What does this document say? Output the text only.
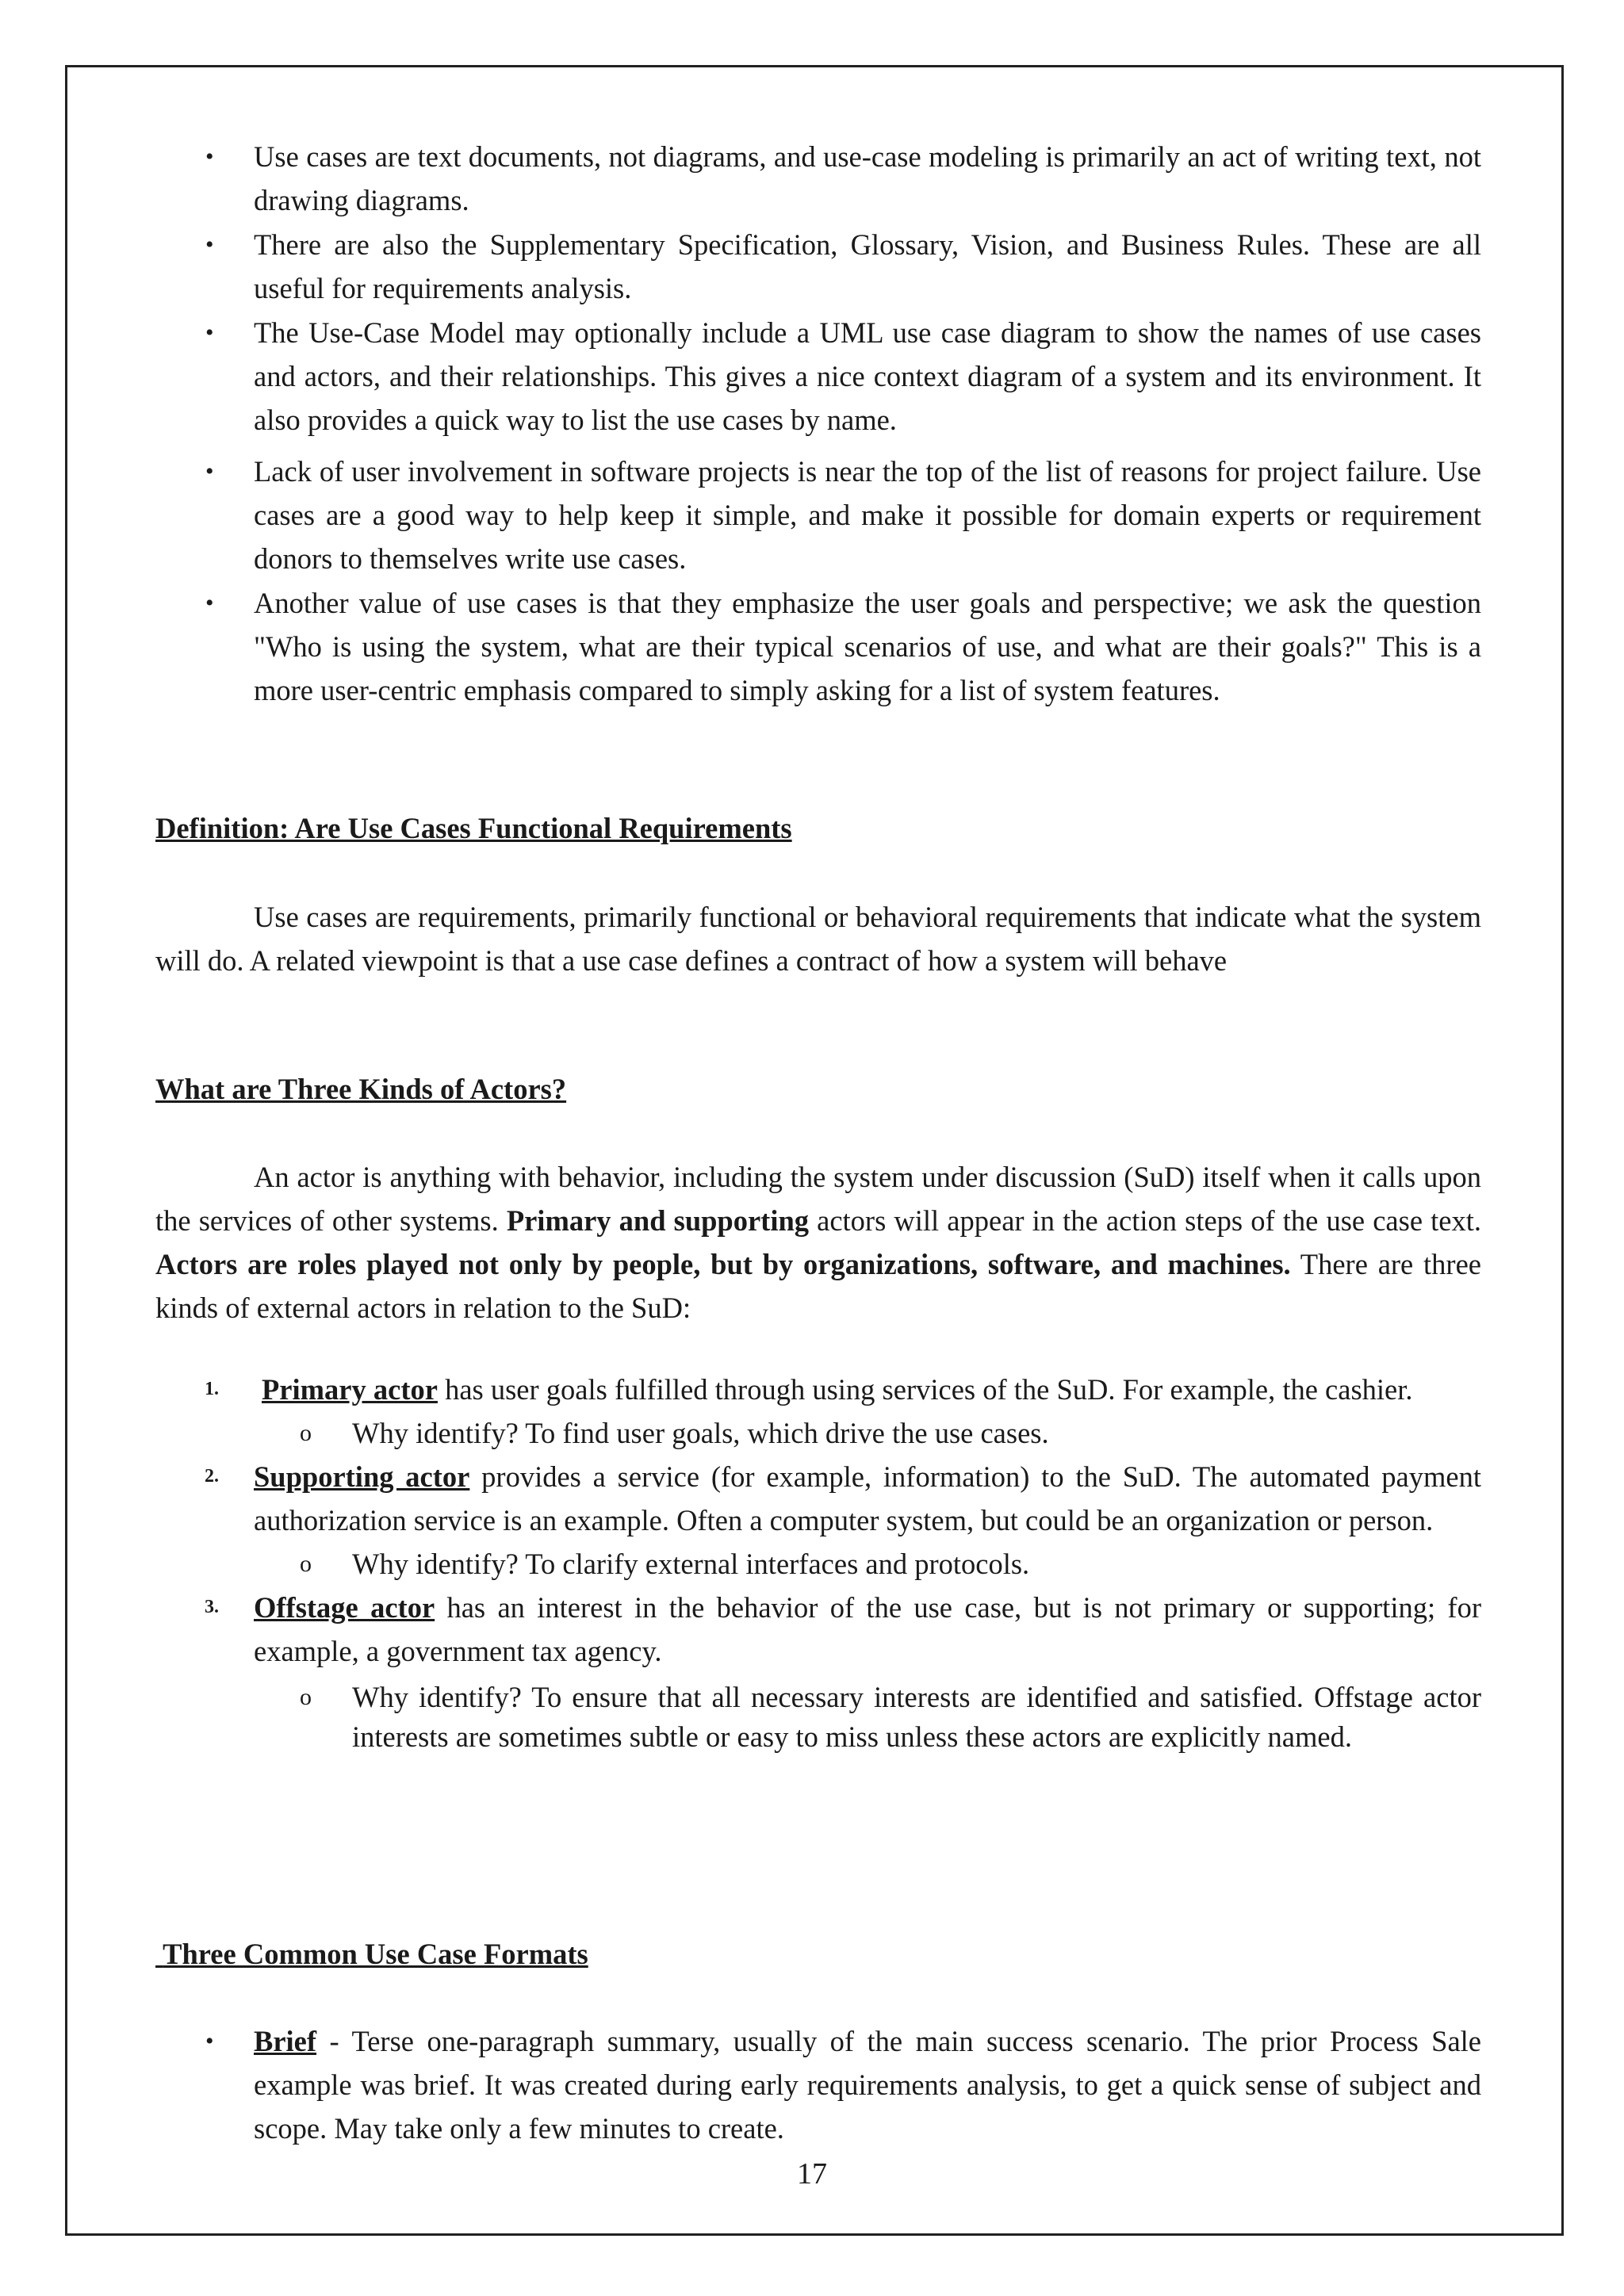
• Use cases are text documents, not diagrams, and use-case modeling is primarily an act of writing text, not drawing diagrams.
• There are also the Supplementary Specification, Glossary, Vision, and Business Rules. These are all useful for requirements analysis.
• The Use-Case Model may optionally include a UML use case diagram to show the names of use cases and actors, and their relationships. This gives a nice context diagram of a system and its environment. It also provides a quick way to list the use cases by name.
• Lack of user involvement in software projects is near the top of the list of reasons for project failure. Use cases are a good way to help keep it simple, and make it possible for domain experts or requirement donors to themselves write use cases.
• Another value of use cases is that they emphasize the user goals and perspective; we ask the question "Who is using the system, what are their typical scenarios of use, and what are their goals?" This is a more user-centric emphasis compared to simply asking for a list of system features.
Definition: Are Use Cases Functional Requirements
Use cases are requirements, primarily functional or behavioral requirements that indicate what the system will do. A related viewpoint is that a use case defines a contract of how a system will behave
What are Three Kinds of Actors?
An actor is anything with behavior, including the system under discussion (SuD) itself when it calls upon the services of other systems. Primary and supporting actors will appear in the action steps of the use case text. Actors are roles played not only by people, but by organizations, software, and machines. There are three kinds of external actors in relation to the SuD:
1. Primary actor has user goals fulfilled through using services of the SuD. For example, the cashier.
o Why identify? To find user goals, which drive the use cases.
2. Supporting actor provides a service (for example, information) to the SuD. The automated payment authorization service is an example. Often a computer system, but could be an organization or person.
o Why identify? To clarify external interfaces and protocols.
3. Offstage actor has an interest in the behavior of the use case, but is not primary or supporting; for example, a government tax agency.
o Why identify? To ensure that all necessary interests are identified and satisfied. Offstage actor interests are sometimes subtle or easy to miss unless these actors are explicitly named.
Three Common Use Case Formats
• Brief - Terse one-paragraph summary, usually of the main success scenario. The prior Process Sale example was brief. It was created during early requirements analysis, to get a quick sense of subject and scope. May take only a few minutes to create.
17
